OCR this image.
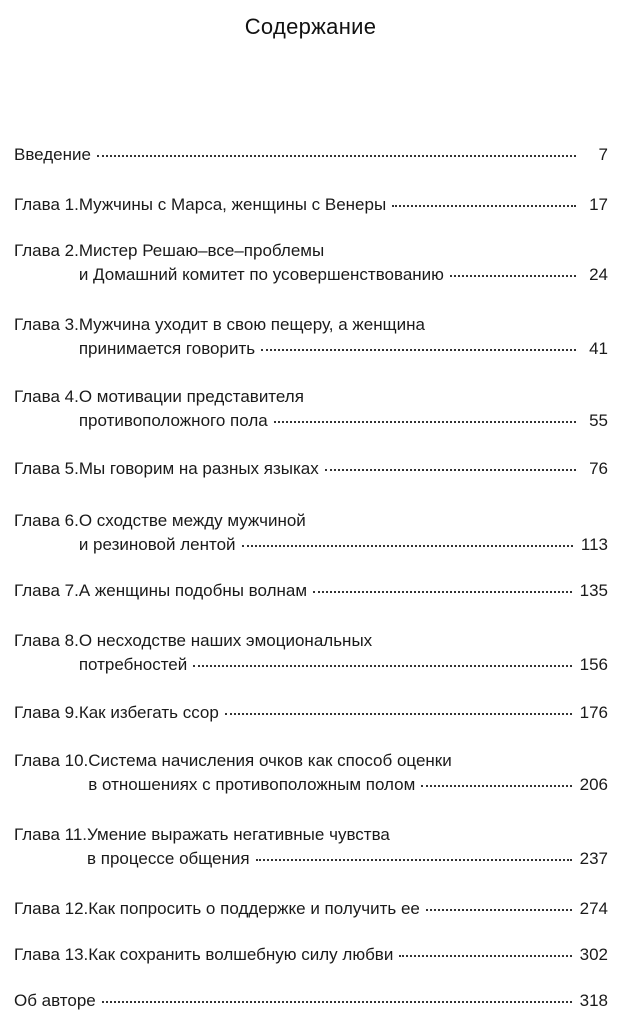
Содержание
Введение	7
Глава 1. Мужчины с Марса, женщины с Венеры	17
Глава 2. Мистер Решаю–все–проблемы
и Домашний комитет по усовершенствованию	24
Глава 3. Мужчина уходит в свою пещеру, а женщина
принимается говорить	41
Глава 4. О мотивации представителя
противоположного пола	55
Глава 5. Мы говорим на разных языках	76
Глава 6. О сходстве между мужчиной
и резиновой лентой	113
Глава 7. А женщины подобны волнам	135
Глава 8. О несходстве наших эмоциональных
потребностей	156
Глава 9. Как избегать ссор	176
Глава 10. Система начисления очков как способ оценки
в отношениях с противоположным полом	206
Глава 11. Умение выражать негативные чувства
в процессе общения	237
Глава 12. Как попросить о поддержке и получить ее	274
Глава 13. Как сохранить волшебную силу любви	302
Об авторе	318
